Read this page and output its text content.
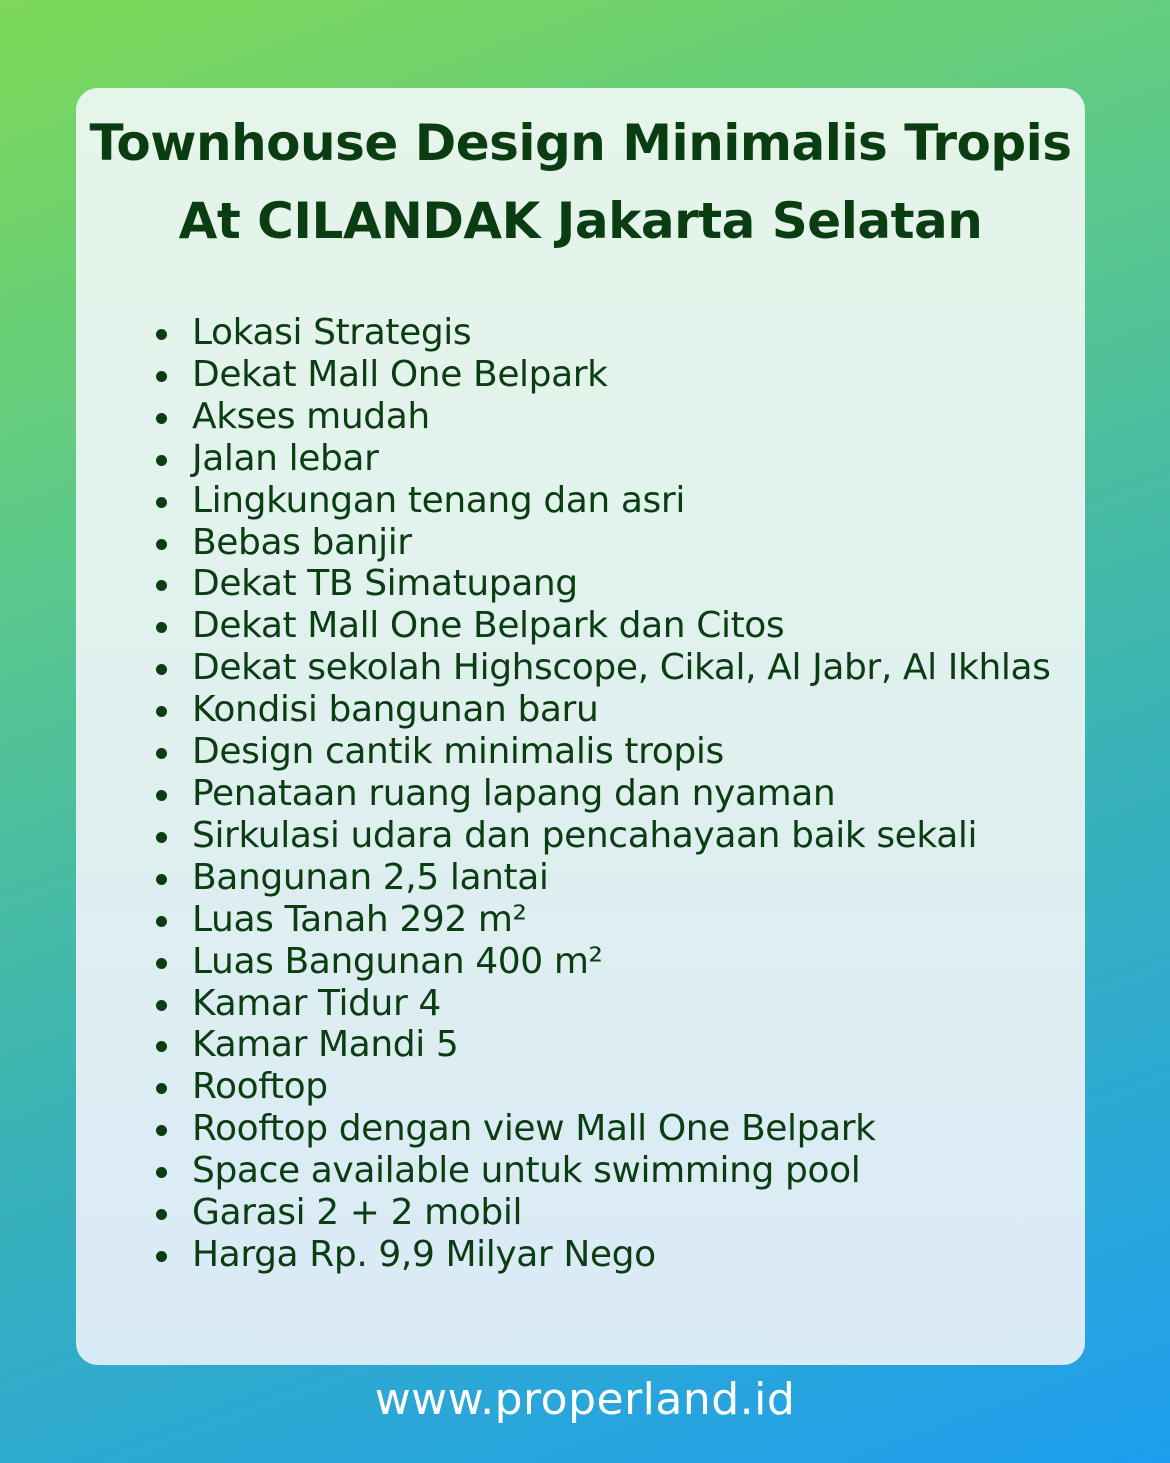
Townhouse Design Minimalis Tropis
At CILANDAK Jakarta Selatan
Lokasi Strategis
Dekat Mall One Belpark
Akses mudah
Jalan lebar
Lingkungan tenang dan asri
Bebas banjir
Dekat TB Simatupang
Dekat Mall One Belpark dan Citos
Dekat sekolah Highscope, Cikal, Al Jabr, Al Ikhlas
Kondisi bangunan baru
Design cantik minimalis tropis
Penataan ruang lapang dan nyaman
Sirkulasi udara dan pencahayaan baik sekali
Bangunan 2,5 lantai
Luas Tanah 292 m²
Luas Bangunan 400 m²
Kamar Tidur 4
Kamar Mandi 5
Rooftop
Rooftop dengan view Mall One Belpark
Space available untuk swimming pool
Garasi 2 + 2 mobil
Harga Rp. 9,9 Milyar Nego
www.properland.id
